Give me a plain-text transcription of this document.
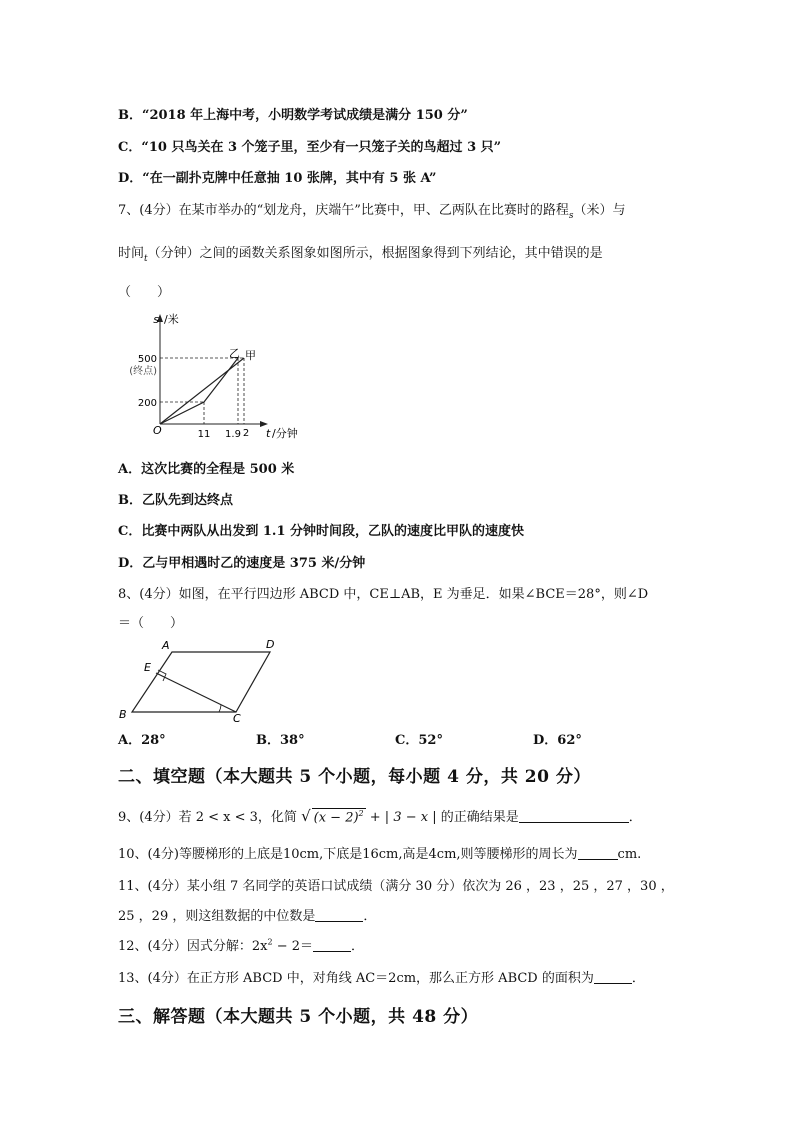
B．“2018 年上海中考，小明数学考试成绩是满分 150 分”
C．“10 只鸟关在 3 个笼子里，至少有一只笼子关的鸟超过 3 只”
D．“在一副扑克牌中任意抽 10 张牌，其中有 5 张 A”
7、(4分）在某市举办的“划龙舟，庆端午”比赛中，甲、乙两队在比赛时的路程$_s$（米）与
时间$_t$（分钟）之间的函数关系图象如图所示，根据图象得到下列结论，其中错误的是
（　　）
s /米
500
(终点)
200
O	11 1.9 2 t /分钟
乙 甲
A．这次比赛的全程是 500 米
B．乙队先到达终点
C．比赛中两队从出发到 1.1 分钟时间段，乙队的速度比甲队的速度快
D．乙与甲相遇时乙的速度是 375 米/分钟
8、(4分）如图，在平行四边形 ABCD 中，CE⊥AB，E 为垂足．如果∠BCE＝28°，则∠D
＝（　　）
A	D
E
B	C
A．28°	B．38°	C．52°	D．62°
二、填空题（本大题共 5 个小题，每小题 4 分，共 20 分）
9、(4分）若 2 < x < 3，化简 √ $(x - 2)^2$ + | 3 − x | 的正确结果是	．
10、(4分)等腰梯形的上底是10cm,下底是16cm,高是4cm,则等腰梯形的周长为	cm.
11、(4分）某小组 7 名同学的英语口试成绩（满分 30 分）依次为 26 ，23 ，25 ，27 ，30 ，
25 ，29 ，则这组数据的中位数是	．
12、(4分）因式分解：$2x^2 - 2=$	．
13、(4分）在正方形 ABCD 中，对角线 AC＝2cm，那么正方形 ABCD 的面积为	．
三、解答题（本大题共 5 个小题，共 48 分）
